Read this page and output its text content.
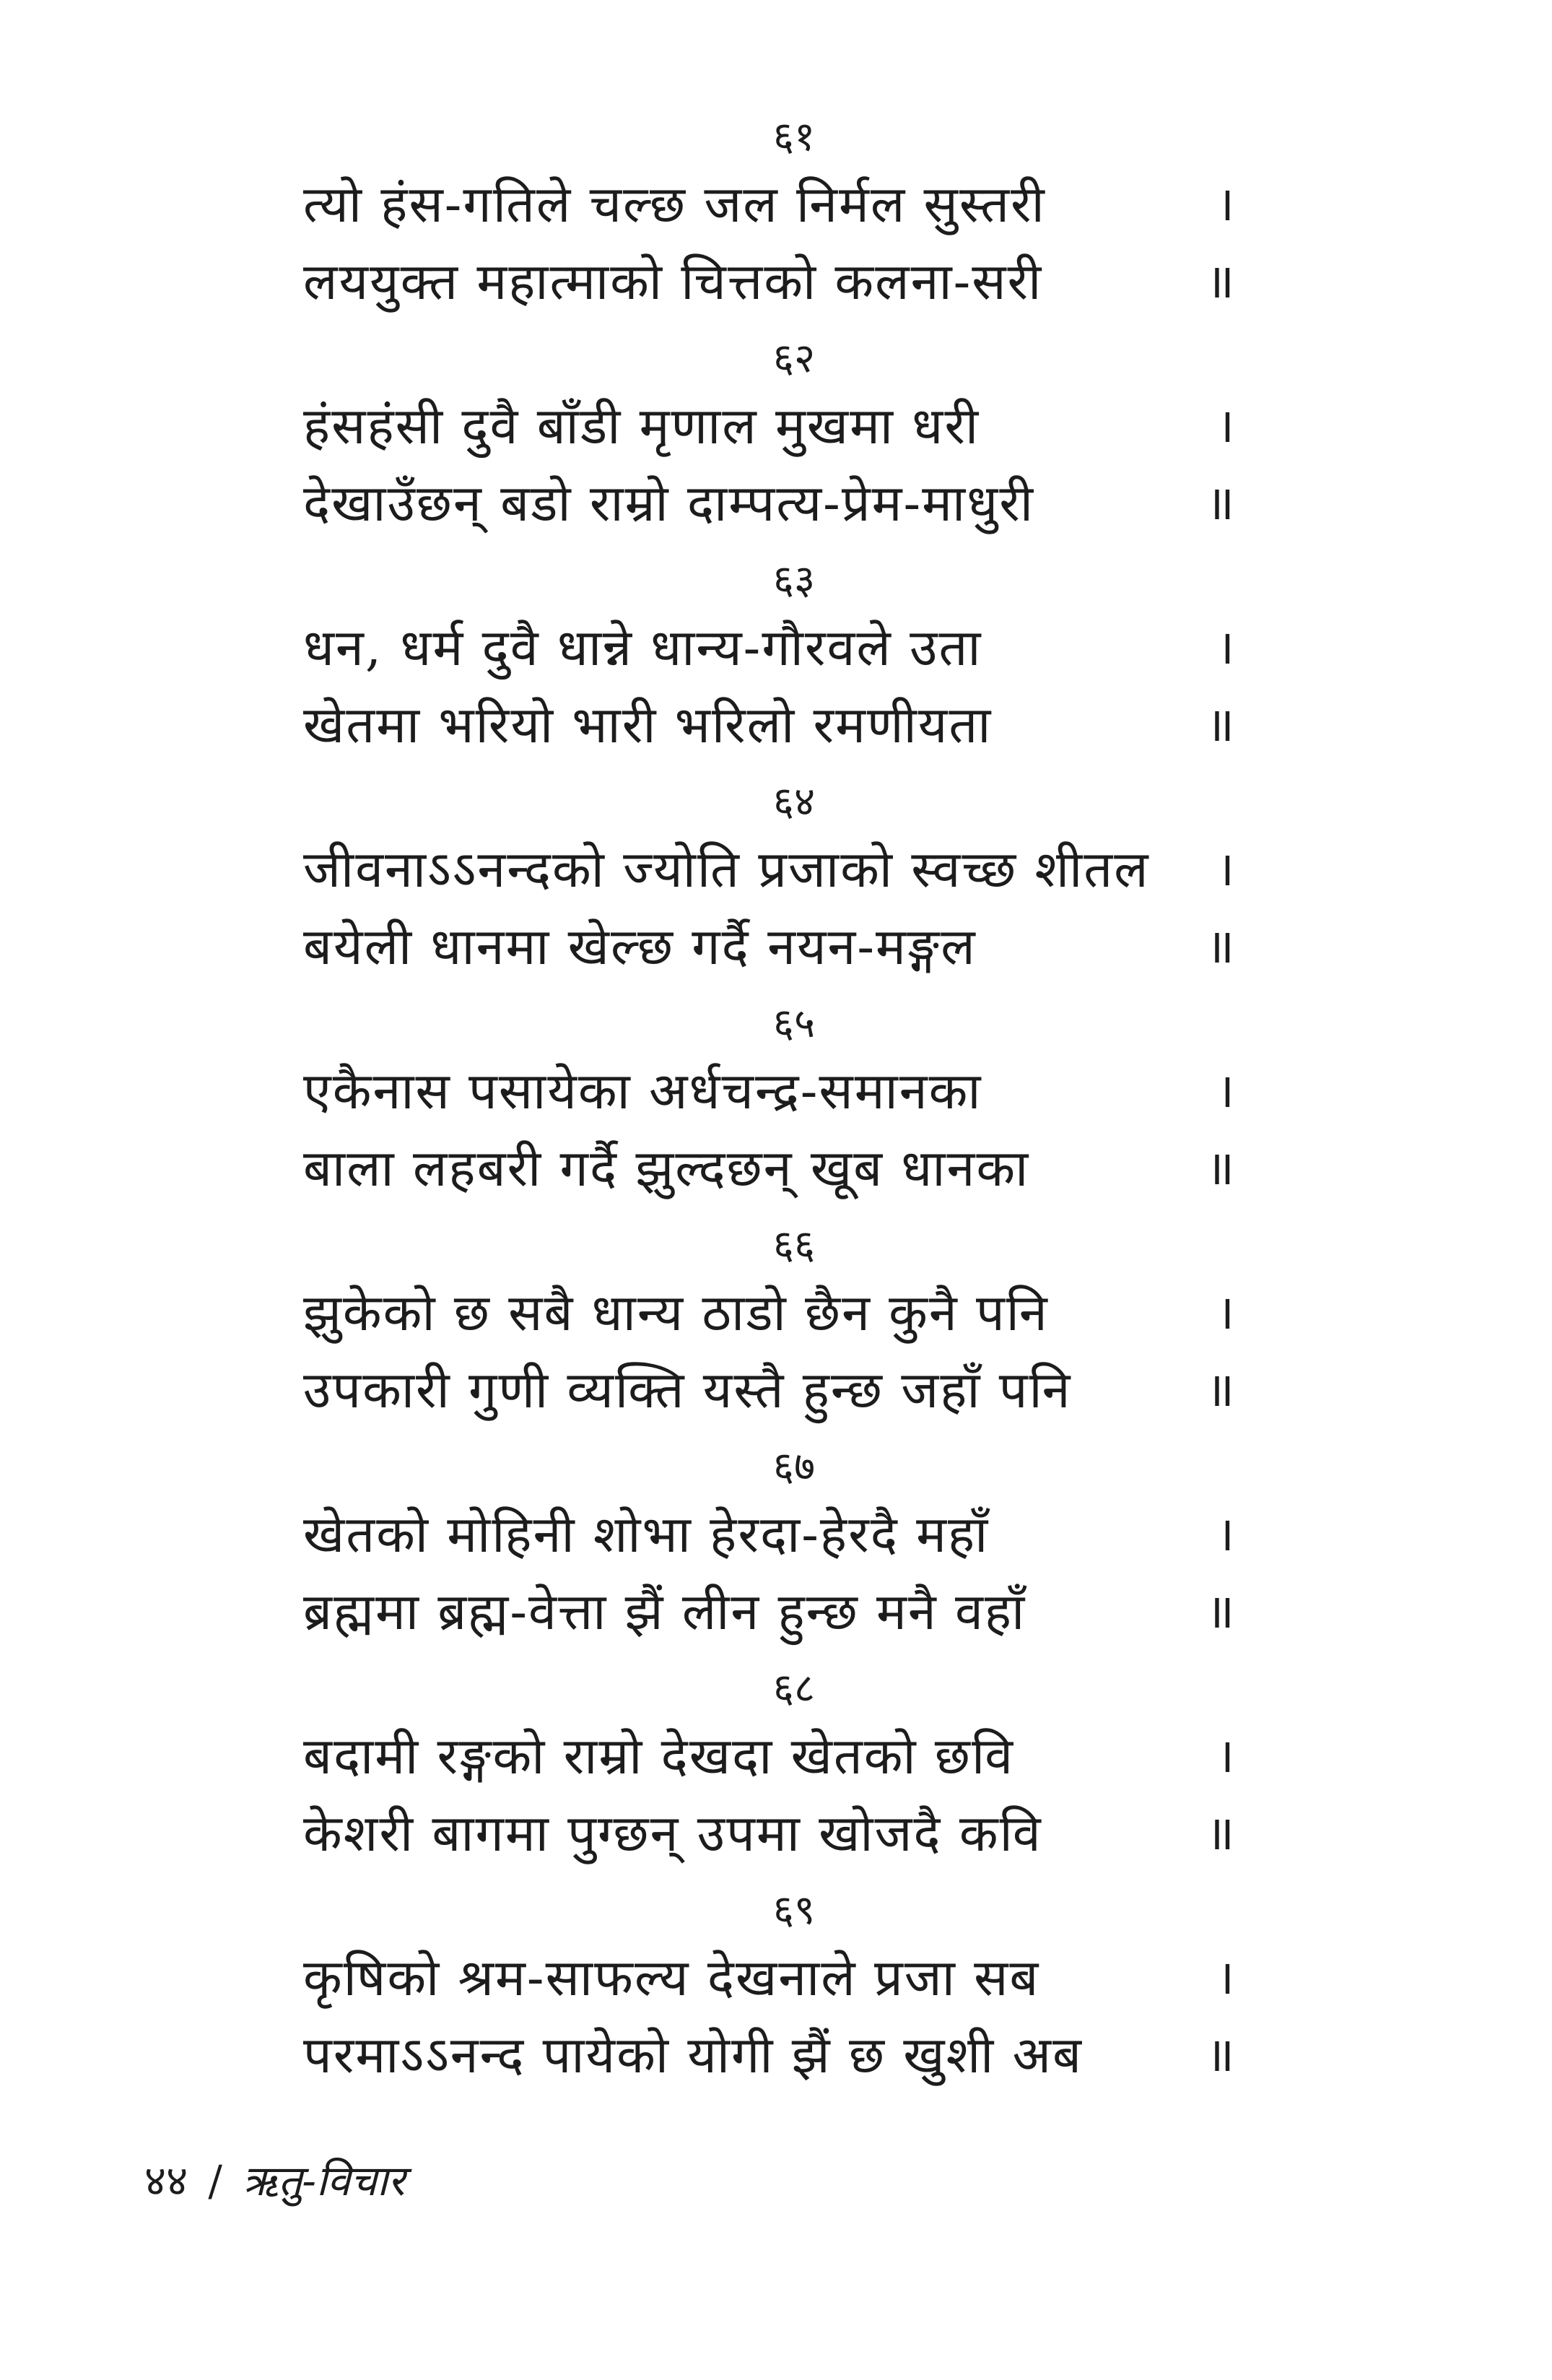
६१
त्यो हंस-गतिले चल्छ जल निर्मल सुस्तरी	।
लययुक्त महात्माको चित्तको कलना-सरी	॥
६२
हंसहंसी दुवै बाँडी मृणाल मुखमा धरी	।
देखाउँछन् बडो राम्रो दाम्पत्य-प्रेम-माधुरी	॥
६३
धन, धर्म दुवै धान्ने धान्य-गौरवले उता	।
खेतमा भरियो भारी भरिलो रमणीयता	॥
६४
जीवनाऽऽनन्दको ज्योति प्रजाको स्वच्छ शीतल	।
बयेली धानमा खेल्छ गर्दै नयन-मङ्गल	॥
६५
एकैनास पसायेका अर्धचन्द्र-समानका	।
बाला लहबरी गर्दै झुल्दछन् खूब धानका	॥
६६
झुकेको छ सबै धान्य ठाडो छैन कुनै पनि	।
उपकारी गुणी व्यक्ति यस्तै हुन्छ जहाँ पनि	॥
६७
खेतको मोहिनी शोभा हेरदा-हेरदै महाँ	।
ब्रह्ममा ब्रह्म-वेत्ता झैं लीन हुन्छ मनै वहाँ	॥
६८
बदामी रङ्गको राम्रो देखदा खेतको छवि	।
केशरी बागमा पुग्छन् उपमा खोजदै कवि	॥
६९
कृषिको श्रम-साफल्य देखनाले प्रजा सब	।
परमाऽऽनन्द पायेको योगी झैं छ खुशी अब	॥
४४ / ऋतु-विचार
